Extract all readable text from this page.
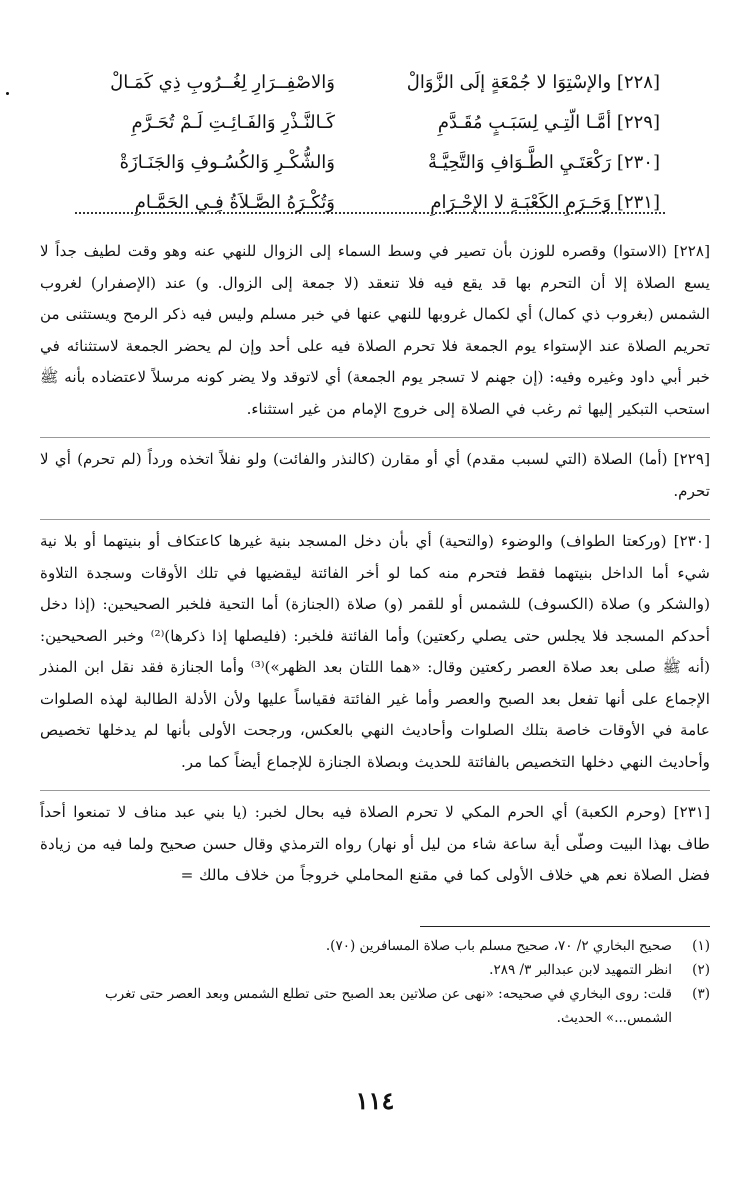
[٢٢٨] والإسْتِوَا لا جُمْعَةٍ إلَى الزَّوَالْ
وَالاصْفِــرَارِ لِغُــرُوبِ ذِي كَمَـالْ
[٢٢٩] أمَّـا الّتِـي لِسَبَـبٍ مُقَـدَّمِ
كَـالنَّـذْرِ وَالفَـائِـتِ لَـمْ تُحَـرَّمِ
[٢٣٠] رَكْعَتَـيِ الطَّـوَافِ وَالتَّحِيَّـةْ
وَالشُّكْـرِ وَالكُسُـوفِ وَالجَنَـازَةْ
[٢٣١] وَحَـرَمِ الكَعْبَـةِ لا الإحْـرَامِ
وَتُكْـرَهُ الصَّـلاَةُ فِـي الحَمَّـامِ

[٢٢٨] (الاستوا) وقصره للوزن بأن تصير في وسط السماء إلى الزوال للنهي عنه وهو وقت لطيف جداً لا يسع الصلاة إلا أن التحرم بها قد يقع فيه فلا تنعقد (لا جمعة إلى الزوال. و) عند (الإصفرار) لغروب الشمس (بغروب ذي كمال) أي لكمال غروبها للنهي عنها في خبر مسلم وليس فيه ذكر الرمح ويستثنى من تحريم الصلاة عند الإستواء يوم الجمعة فلا تحرم الصلاة فيه على أحد وإن لم يحضر الجمعة لاستثنائه في خبر أبي داود وغيره وفيه: (إن جهنم لا تسجر يوم الجمعة) أي لاتوقد ولا يضر كونه مرسلاً لاعتضاده بأنه ﷺ استحب التبكير إليها ثم رغب في الصلاة إلى خروج الإمام من غير استثناء.

[٢٢٩] (أما) الصلاة (التي لسبب مقدم) أي أو مقارن (كالنذر والفائت) ولو نفلاً اتخذه ورداً (لم تحرم) أي لا تحرم.

[٢٣٠] (وركعتا الطواف) والوضوء (والتحية) أي بأن دخل المسجد بنية غيرها كاعتكاف أو بنيتهما أو بلا نية شيء أما الداخل بنيتهما فقط فتحرم منه كما لو أخر الفائتة ليقضيها في تلك الأوقات وسجدة التلاوة (والشكر و) صلاة (الكسوف) للشمس أو للقمر (و) صلاة (الجنازة) أما التحية فلخبر الصحيحين: (إذا دخل أحدكم المسجد فلا يجلس حتى يصلي ركعتين) وأما الفائتة فلخبر: (فليصلها إذا ذكرها)⁽²⁾ وخبر الصحيحين: (أنه ﷺ صلى بعد صلاة العصر ركعتين وقال: «هما اللتان بعد الظهر»)⁽³⁾ وأما الجنازة فقد نقل ابن المنذر الإجماع على أنها تفعل بعد الصبح والعصر وأما غير الفائتة فقياساً عليها ولأن الأدلة الطالبة لهذه الصلوات عامة في الأوقات خاصة بتلك الصلوات وأحاديث النهي بالعكس، ورجحت الأولى بأنها لم يدخلها تخصيص وأحاديث النهي دخلها التخصيص بالفائتة للحديث وبصلاة الجنازة للإجماع أيضاً كما مر.

[٢٣١] (وحرم الكعبة) أي الحرم المكي لا تحرم الصلاة فيه بحال لخبر: (يا بني عبد مناف لا تمنعوا أحداً طاف بهذا البيت وصلّى أية ساعة شاء من ليل أو نهار) رواه الترمذي وقال حسن صحيح ولما فيه من زيادة فضل الصلاة نعم هي خلاف الأولى كما في مقنع المحاملي خروجاً من خلاف مالك =

(١)
صحيح البخاري ٢/ ٧٠، صحيح مسلم باب صلاة المسافرين (٧٠).
(٢)
انظر التمهيد لابن عبدالبر ٣/ ٢٨٩.
(٣)
قلت: روى البخاري في صحيحه: «نهى عن صلاتين بعد الصبح حتى تطلع الشمس وبعد العصر حتى تغرب الشمس...» الحديث.
١١٤
